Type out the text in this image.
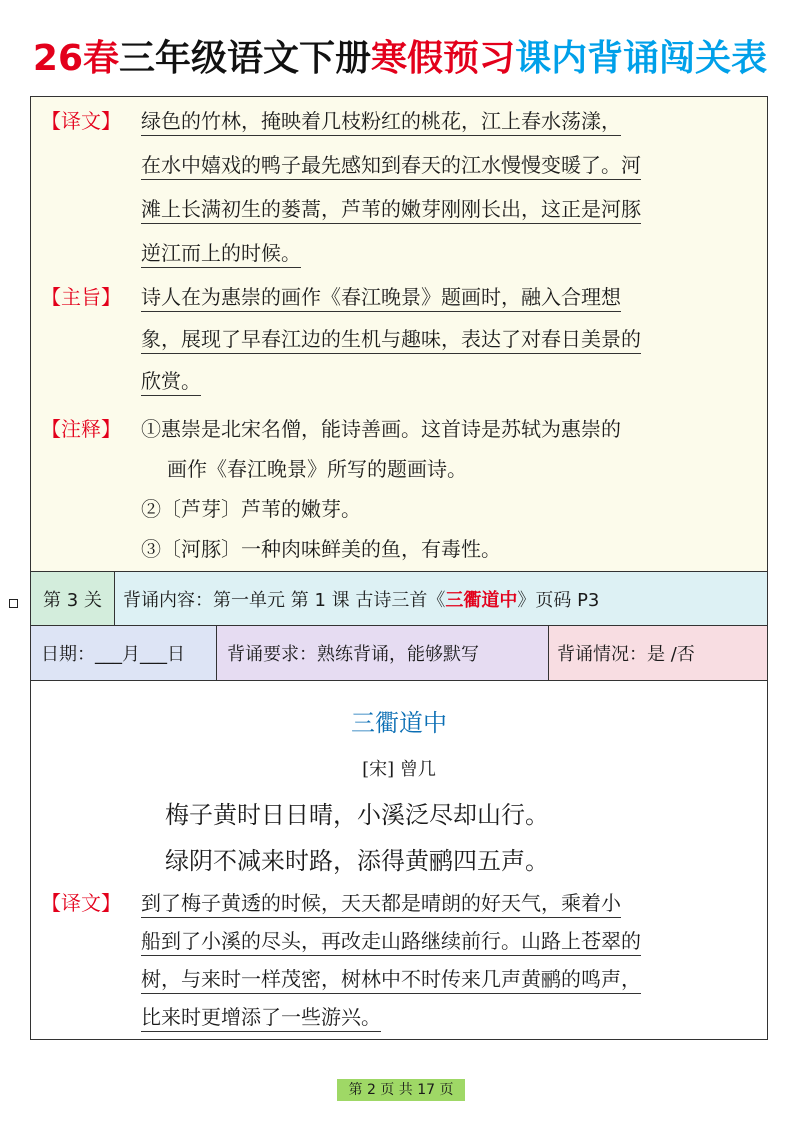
26春三年级语文下册寒假预习课内背诵闯关表
【译文】 绿色的竹林，掩映着几枝粉红的桃花，江上春水荡漾，
在水中嬉戏的鸭子最先感知到春天的江水慢慢变暖了。河
滩上长满初生的蒌蒿，芦苇的嫩芽刚刚长出，这正是河豚
逆江而上的时候。
【主旨】 诗人在为惠崇的画作《春江晚景》题画时，融入合理想
象，展现了早春江边的生机与趣味，表达了对春日美景的
欣赏。
【注释】 ①惠崇是北宋名僧，能诗善画。这首诗是苏轼为惠崇的
画作《春江晚景》所写的题画诗。
②〔芦芽〕芦苇的嫩芽。
③〔河豚〕一种肉味鲜美的鱼，有毒性。
第 3 关	背诵内容：第一单元 第 1 课 古诗三首《 三衢道中 》页码 P3
日期：___月___日	背诵要求：熟练背诵，能够默写	背诵情况：是 /否
三衢道中
[宋] 曾几
梅子黄时日日晴，小溪泛尽却山行。
绿阴不减来时路，添得黄鹂四五声。
【译文】 到了梅子黄透的时候，天天都是晴朗的好天气，乘着小
船到了小溪的尽头，再改走山路继续前行。山路上苍翠的
树，与来时一样茂密，树林中不时传来几声黄鹂的鸣声，
比来时更增添了一些游兴。
第 2 页 共 17 页
